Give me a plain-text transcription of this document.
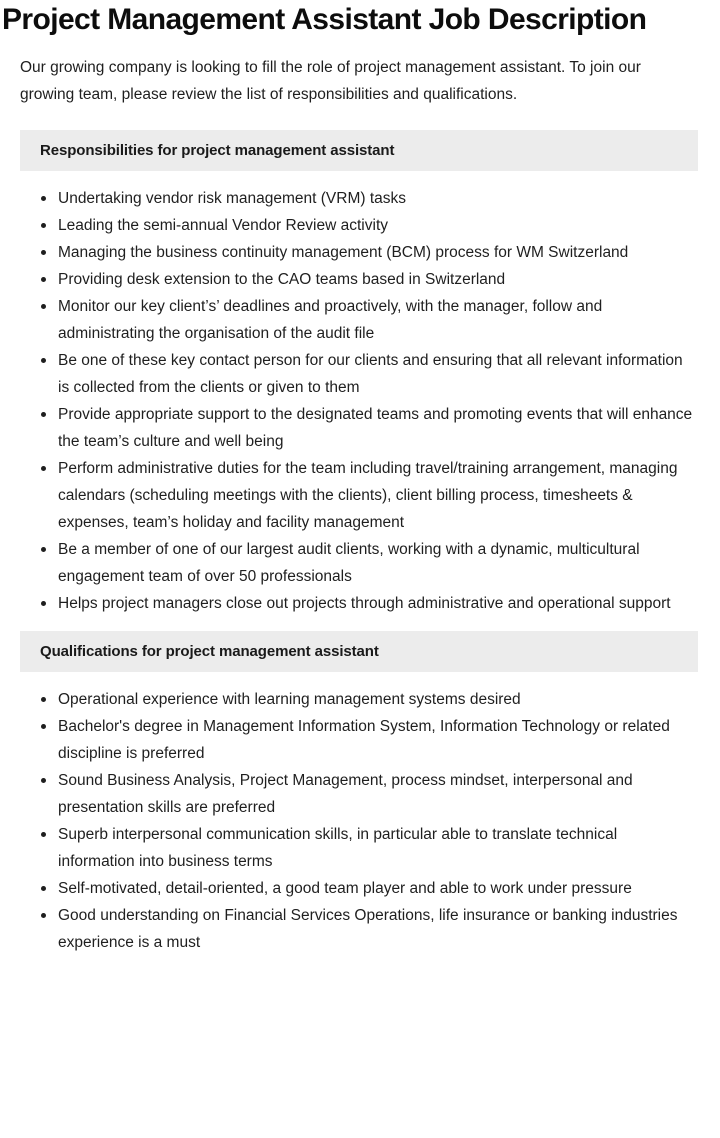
Project Management Assistant Job Description

Our growing company is looking to fill the role of project management assistant. To join our growing team, please review the list of responsibilities and qualifications.

Responsibilities for project management assistant
Undertaking vendor risk management (VRM) tasks
Leading the semi-annual Vendor Review activity
Managing the business continuity management (BCM) process for WM Switzerland
Providing desk extension to the CAO teams based in Switzerland
Monitor our key client’s’ deadlines and proactively, with the manager, follow and administrating the organisation of the audit file
Be one of these key contact person for our clients and ensuring that all relevant information is collected from the clients or given to them
Provide appropriate support to the designated teams and promoting events that will enhance the team’s culture and well being
Perform administrative duties for the team including travel/training arrangement, managing calendars (scheduling meetings with the clients), client billing process, timesheets & expenses, team’s holiday and facility management
Be a member of one of our largest audit clients, working with a dynamic, multicultural engagement team of over 50 professionals
Helps project managers close out projects through administrative and operational support
Qualifications for project management assistant
Operational experience with learning management systems desired
Bachelor's degree in Management Information System, Information Technology or related discipline is preferred
Sound Business Analysis, Project Management, process mindset, interpersonal and presentation skills are preferred
Superb interpersonal communication skills, in particular able to translate technical information into business terms
Self-motivated, detail-oriented, a good team player and able to work under pressure
Good understanding on Financial Services Operations, life insurance or banking industries experience is a must
